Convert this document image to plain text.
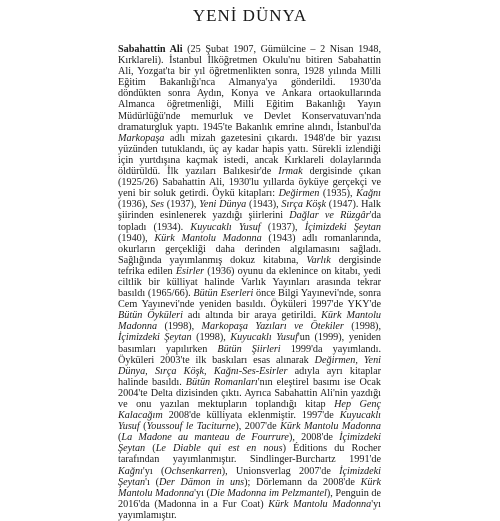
YENİ DÜNYA

Sabahattin Ali (25 Şubat 1907, Gümülcine – 2 Nisan 1948, Kırklareli). İstanbul İlköğretmen Okulu'nu bitiren Sabahattin Ali, Yozgat'ta bir yıl öğretmenlikten sonra, 1928 yılında Milli Eğitim Bakanlığı'nca Almanya'ya gönderildi. 1930'da döndükten sonra Aydın, Konya ve Ankara ortaokullarında Almanca öğretmenliği, Milli Eğitim Bakanlığı Yayın Müdürlüğü'nde memurluk ve Devlet Konservatuvarı'nda dramaturgluk yaptı. 1945'te Bakanlık emrine alındı, İstanbul'da Markopaşa adlı mizah gazetesini çıkardı. 1948'de bir yazısı yüzünden tutuklandı, üç ay kadar hapis yattı. Sürekli izlendiği için yurtdışına kaçmak istedi, ancak Kırklareli dolaylarında öldürüldü. İlk yazıları Balıkesir'de Irmak dergisinde çıkan (1925/26) Sabahattin Ali, 1930'lu yıllarda öyküye gerçekçi ve yeni bir soluk getirdi. Öykü kitapları: Değirmen (1935), Kağnı (1936), Ses (1937), Yeni Dünya (1943), Sırça Köşk (1947). Halk şiirinden esinlenerek yazdığı şiirlerini Dağlar ve Rüzgâr'da topladı (1934). Kuyucaklı Yusuf (1937), İçimizdeki Şeytan (1940), Kürk Mantolu Madonna (1943) adlı romanlarında, okurların gerçekliği daha derinden algılamasını sağladı. Sağlığında yayımlanmış dokuz kitabına, Varlık dergisinde tefrika edilen Esirler (1936) oyunu da eklenince on kitabı, yedi ciltlik bir külliyat halinde Varlık Yayınları arasında tekrar basıldı (1965/66). Bütün Eserleri önce Bilgi Yayınevi'nde, sonra Cem Yayınevi'nde yeniden basıldı. Öyküleri 1997'de YKY'de Bütün Öyküleri adı altında bir araya getirildi. Kürk Mantolu Madonna (1998), Markopaşa Yazıları ve Ötekiler (1998), İçimizdeki Şeytan (1998), Kuyucaklı Yusuf'un (1999), yeniden basımları yapılırken Bütün Şiirleri 1999'da yayımlandı. Öyküleri 2003'te ilk baskıları esas alınarak Değirmen, Yeni Dünya, Sırça Köşk, Kağnı-Ses-Esirler adıyla ayrı kitaplar halinde basıldı. Bütün Romanları'nın eleştirel basımı ise Ocak 2004'te Delta dizisinden çıktı. Ayrıca Sabahattin Ali'nin yazdığı ve onu yazılan mektupların toplandığı kitap Hep Genç Kalacağım 2008'de külliyata eklenmiştir. 1997'de Kuyucaklı Yusuf (Youssouf le Taciturne), 2007'de Kürk Mantolu Madonna (La Madone au manteau de Fourrure), 2008'de İçimizdeki Şeytan (Le Diable qui est en nous) Éditions du Rocher tarafından yayımlanmıştır. Sindlinger-Burchartz 1991'de Kağnı'yı (Ochsenkarren), Unionsverlag 2007'de İçimizdeki Şeytan'ı (Der Dämon in uns); Dörlemann da 2008'de Kürk Mantolu Madonna'yı (Die Madonna im Pelzmantel), Penguin de 2016'da (Madonna in a Fur Coat) Kürk Mantolu Madonna'yı yayımlamıştır.
